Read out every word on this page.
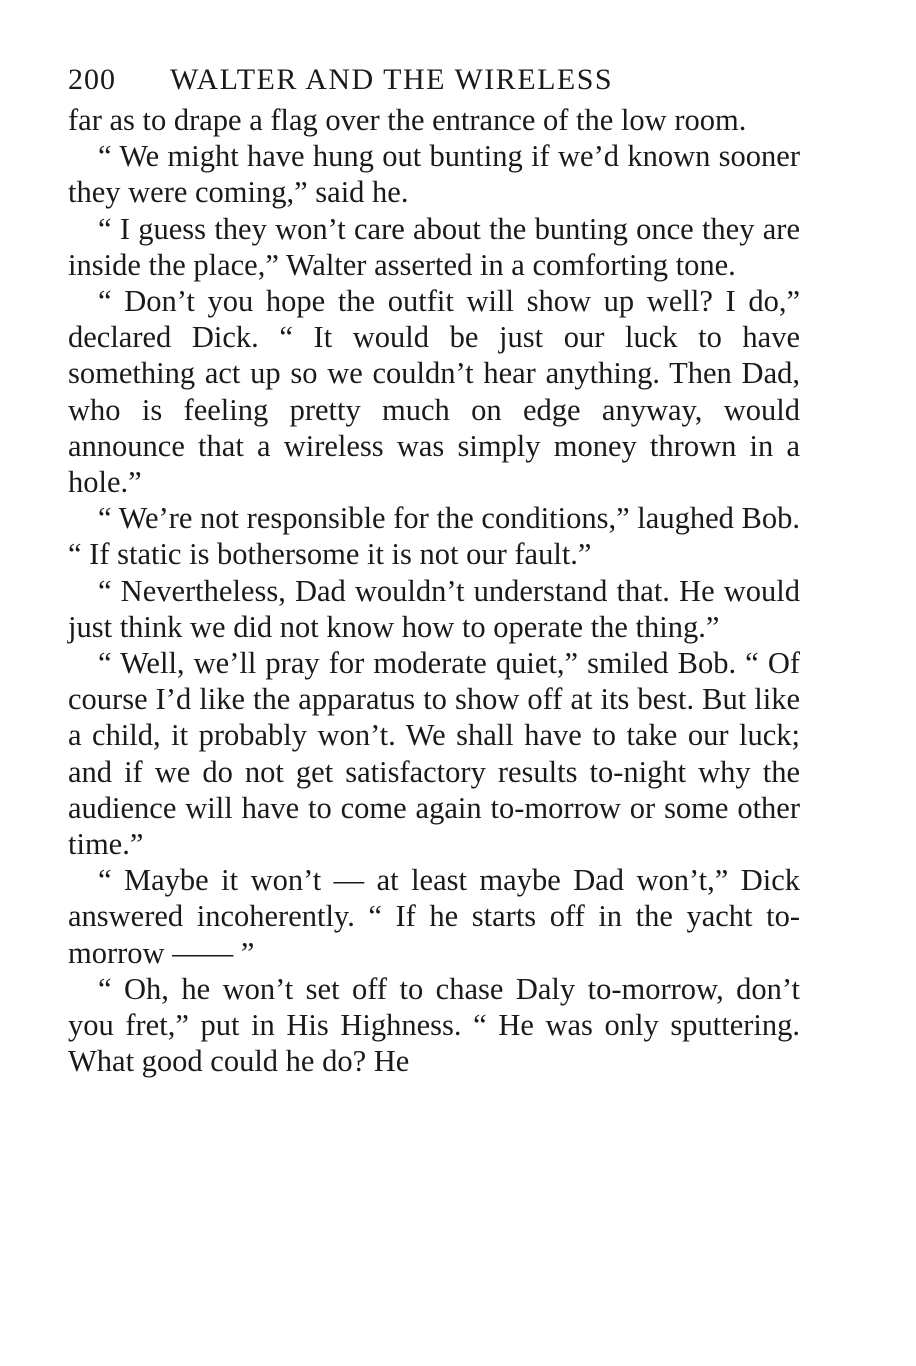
200	WALTER AND THE WIRELESS

far as to drape a flag over the entrance of the low room.

“ We might have hung out bunting if we’d known sooner they were coming,” said he.

“ I guess they won’t care about the bunting once they are inside the place,” Walter asserted in a comforting tone.

“ Don’t you hope the outfit will show up well? I do,” declared Dick. “ It would be just our luck to have something act up so we couldn’t hear anything. Then Dad, who is feeling pretty much on edge anyway, would announce that a wireless was simply money thrown in a hole.”

“ We’re not responsible for the conditions,” laughed Bob. “ If static is bothersome it is not our fault.”

“ Nevertheless, Dad wouldn’t understand that. He would just think we did not know how to operate the thing.”

“ Well, we’ll pray for moderate quiet,” smiled Bob. “ Of course I’d like the apparatus to show off at its best. But like a child, it probably won’t. We shall have to take our luck; and if we do not get satisfactory results to-night why the audience will have to come again to-morrow or some other time.”

“ Maybe it won’t — at least maybe Dad won’t,” Dick answered incoherently. “ If he starts off in the yacht to-morrow —— ”

“ Oh, he won’t set off to chase Daly to-morrow, don’t you fret,” put in His Highness. “ He was only sputtering. What good could he do? He
